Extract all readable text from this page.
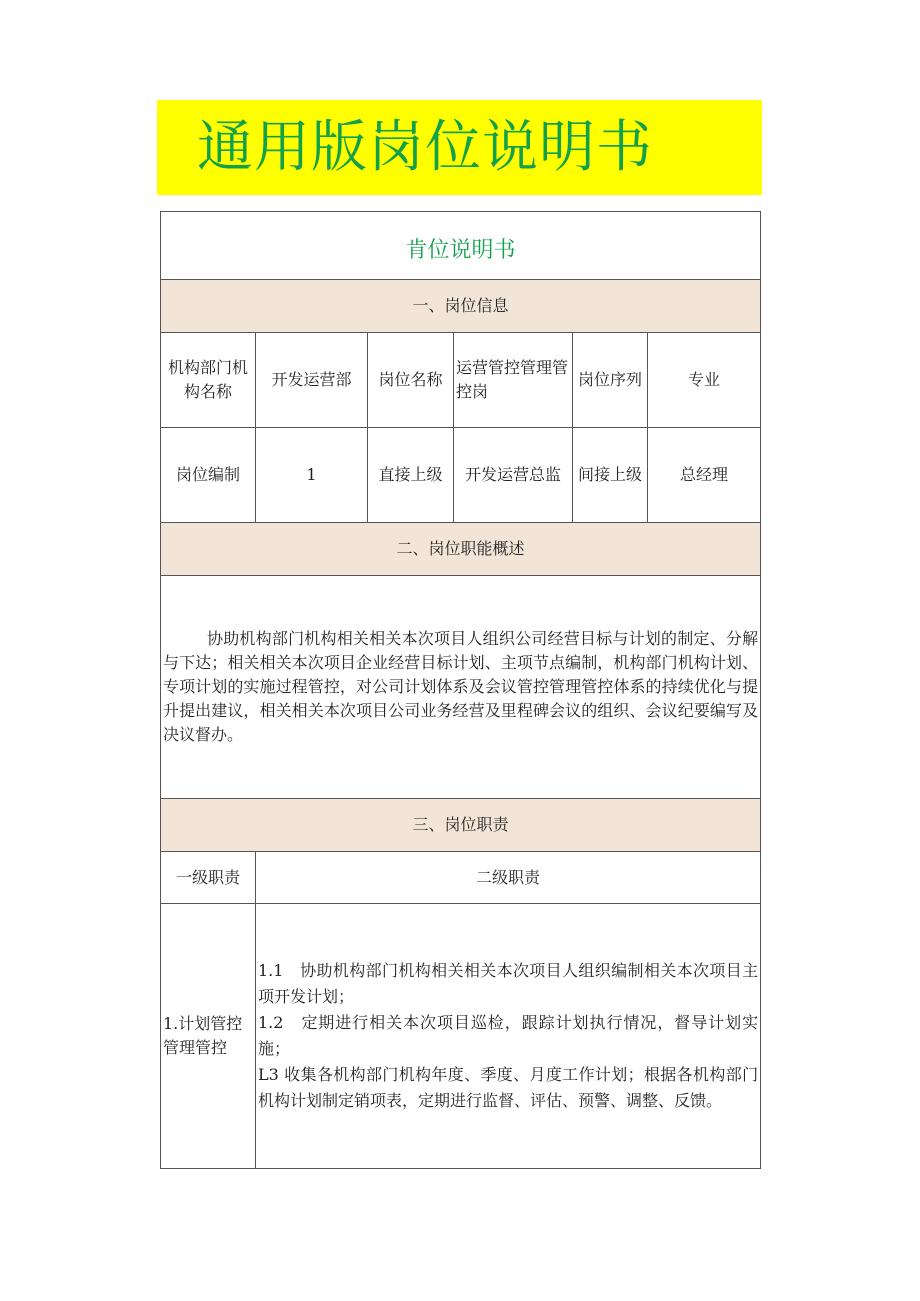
通用版岗位说明书
肯位说明书					
一、岗位信息					
机构部门机构名称	开发运营部	岗位名称	运营管控管理管控岗	岗位序列	专业
岗位编制	1	直接上级	开发运营总监	间接上级	总经理
二、岗位职能概述					

协助机构部门机构相关相关本次项目人组织公司经营目标与计划的制定、分解与下达；相关相关本次项目企业经营目标计划、主项节点编制，机构部门机构计划、专项计划的实施过程管控，对公司计划体系及会议管控管理管控体系的持续优化与提升提出建议，相关相关本次项目公司业务经营及里程碑会议的组织、会议纪要编写及决议督办。					

三、岗位职责					
一级职责	二级职责				
1.计划管控管理管控	1.1　协助机构部门机构相关相关本次项目人组织编制相关本次项目主项开发计划；
1.2　定期进行相关本次项目巡检，跟踪计划执行情况，督导计划实施；
L3 收集各机构部门机构年度、季度、月度工作计划；根据各机构部门机构计划制定销项表，定期进行监督、评估、预警、调整、反馈。				
